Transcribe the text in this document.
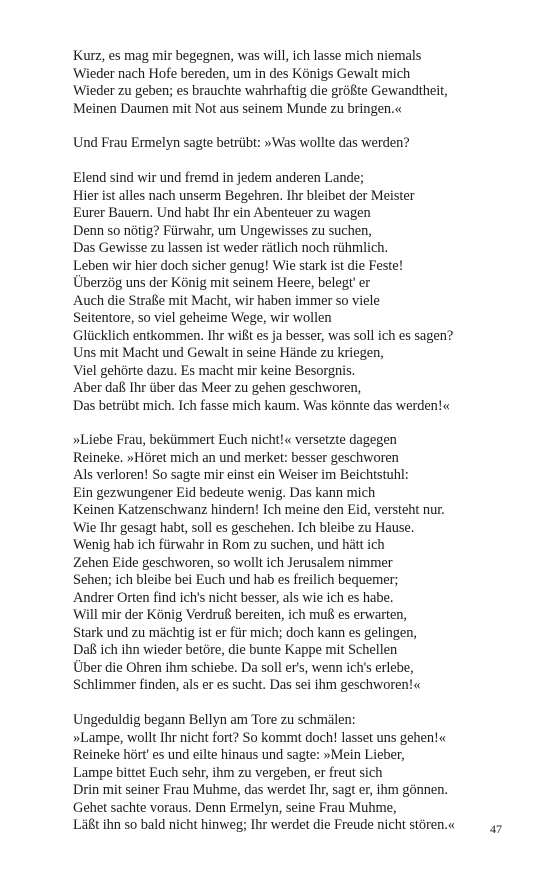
Kurz, es mag mir begegnen, was will, ich lasse mich niemals
Wieder nach Hofe bereden, um in des Königs Gewalt mich
Wieder zu geben; es brauchte wahrhaftig die größte Gewandtheit,
Meinen Daumen mit Not aus seinem Munde zu bringen.«
Und Frau Ermelyn sagte betrübt: »Was wollte das werden?
Elend sind wir und fremd in jedem anderen Lande;
Hier ist alles nach unserm Begehren. Ihr bleibet der Meister
Eurer Bauern. Und habt Ihr ein Abenteuer zu wagen
Denn so nötig? Fürwahr, um Ungewisses zu suchen,
Das Gewisse zu lassen ist weder rätlich noch rühmlich.
Leben wir hier doch sicher genug! Wie stark ist die Feste!
Überzög uns der König mit seinem Heere, belegt' er
Auch die Straße mit Macht, wir haben immer so viele
Seitentore, so viel geheime Wege, wir wollen
Glücklich entkommen. Ihr wißt es ja besser, was soll ich es sagen?
Uns mit Macht und Gewalt in seine Hände zu kriegen,
Viel gehörte dazu. Es macht mir keine Besorgnis.
Aber daß Ihr über das Meer zu gehen geschworen,
Das betrübt mich. Ich fasse mich kaum. Was könnte das werden!«
»Liebe Frau, bekümmert Euch nicht!« versetzte dagegen
Reineke. »Höret mich an und merket: besser geschworen
Als verloren! So sagte mir einst ein Weiser im Beichtstuhl:
Ein gezwungener Eid bedeute wenig. Das kann mich
Keinen Katzenschwanz hindern! Ich meine den Eid, versteht nur.
Wie Ihr gesagt habt, soll es geschehen. Ich bleibe zu Hause.
Wenig hab ich fürwahr in Rom zu suchen, und hätt ich
Zehen Eide geschworen, so wollt ich Jerusalem nimmer
Sehen; ich bleibe bei Euch und hab es freilich bequemer;
Andrer Orten find ich's nicht besser, als wie ich es habe.
Will mir der König Verdruß bereiten, ich muß es erwarten,
Stark und zu mächtig ist er für mich; doch kann es gelingen,
Daß ich ihn wieder betöre, die bunte Kappe mit Schellen
Über die Ohren ihm schiebe. Da soll er's, wenn ich's erlebe,
Schlimmer finden, als er es sucht. Das sei ihm geschworen!«
Ungeduldig begann Bellyn am Tore zu schmälen:
»Lampe, wollt Ihr nicht fort? So kommt doch! lasset uns gehen!«
Reineke hört' es und eilte hinaus und sagte: »Mein Lieber,
Lampe bittet Euch sehr, ihm zu vergeben, er freut sich
Drin mit seiner Frau Muhme, das werdet Ihr, sagt er, ihm gönnen.
Gehet sachte voraus. Denn Ermelyn, seine Frau Muhme,
Läßt ihn so bald nicht hinweg; Ihr werdet die Freude nicht stören.«	47
